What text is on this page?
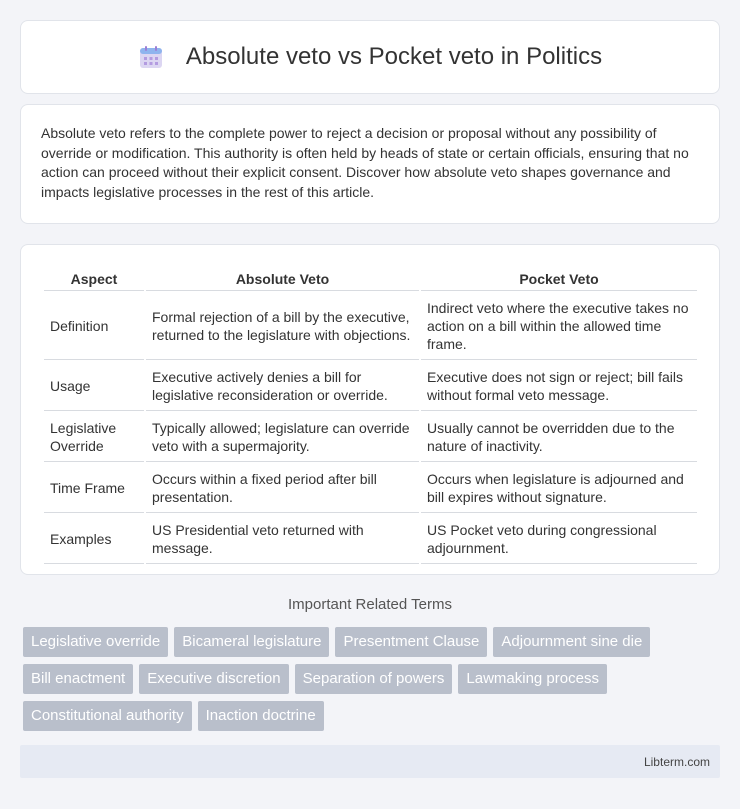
Absolute veto vs Pocket veto in Politics

Absolute veto refers to the complete power to reject a decision or proposal without any possibility of override or modification. This authority is often held by heads of state or certain officials, ensuring that no action can proceed without their explicit consent. Discover how absolute veto shapes governance and impacts legislative processes in the rest of this article.

Aspect	Absolute Veto	Pocket Veto
Definition	Formal rejection of a bill by the executive, returned to the legislature with objections.	Indirect veto where the executive takes no action on a bill within the allowed time frame.
Usage	Executive actively denies a bill for legislative reconsideration or override.	Executive does not sign or reject; bill fails without formal veto message.
Legislative Override	Typically allowed; legislature can override veto with a supermajority.	Usually cannot be overridden due to the nature of inactivity.
Time Frame	Occurs within a fixed period after bill presentation.	Occurs when legislature is adjourned and bill expires without signature.
Examples	US Presidential veto returned with message.	US Pocket veto during congressional adjournment.
Important Related Terms
Legislative override	Bicameral legislature	Presentment Clause	Adjournment sine die
Bill enactment	Executive discretion	Separation of powers	Lawmaking process
Constitutional authority	Inaction doctrine
Libterm.com
